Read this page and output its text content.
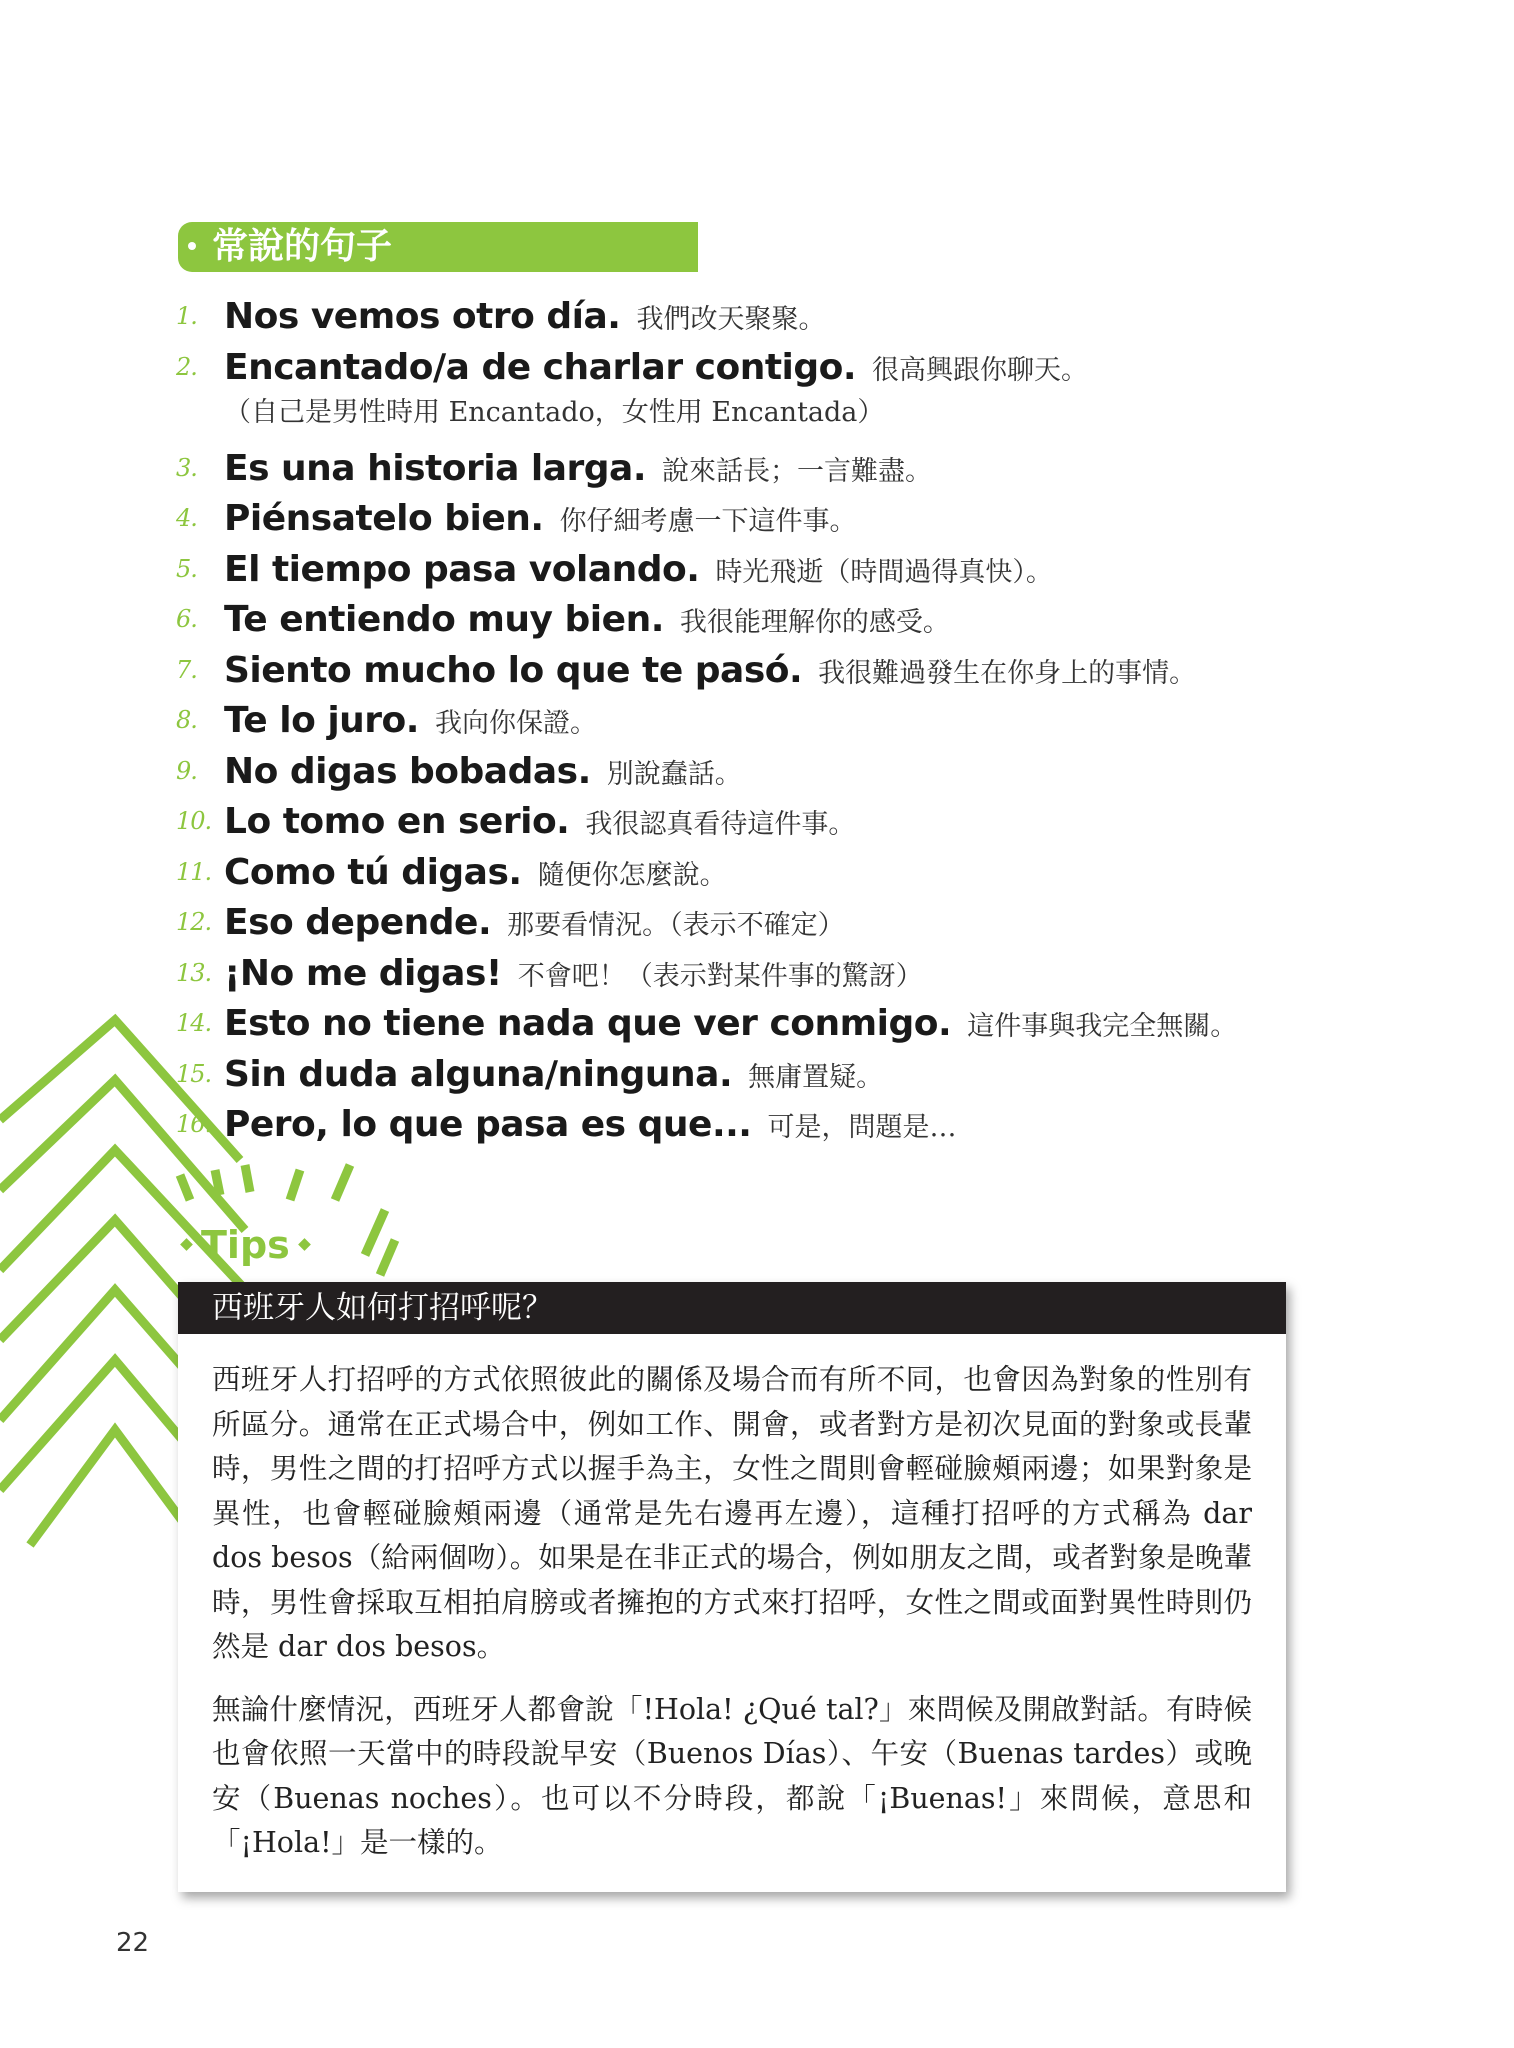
常說的句子
1. Nos vemos otro día. 我們改天聚聚。
2. Encantado/a de charlar contigo. 很高興跟你聊天。
（自己是男性時用 Encantado，女性用 Encantada）
3. Es una historia larga. 說來話長；一言難盡。
4. Piénsatelo bien. 你仔細考慮一下這件事。
5. El tiempo pasa volando. 時光飛逝（時間過得真快）。
6. Te entiendo muy bien. 我很能理解你的感受。
7. Siento mucho lo que te pasó. 我很難過發生在你身上的事情。
8. Te lo juro. 我向你保證。
9. No digas bobadas. 別說蠢話。
10. Lo tomo en serio. 我很認真看待這件事。
11. Como tú digas. 隨便你怎麼說。
12. Eso depende. 那要看情況。（表示不確定）
13. ¡No me digas! 不會吧！（表示對某件事的驚訝）
14. Esto no tiene nada que ver conmigo. 這件事與我完全無關。
15. Sin duda alguna/ninguna. 無庸置疑。
16. Pero, lo que pasa es que... 可是，問題是…
Tips
西班牙人如何打招呼呢？

西班牙人打招呼的方式依照彼此的關係及場合而有所不同，也會因為對象的性別有所區分。通常在正式場合中，例如工作、開會，或者對方是初次見面的對象或長輩時，男性之間的打招呼方式以握手為主，女性之間則會輕碰臉頰兩邊；如果對象是異性，也會輕碰臉頰兩邊（通常是先右邊再左邊），這種打招呼的方式稱為 dar dos besos（給兩個吻）。如果是在非正式的場合，例如朋友之間，或者對象是晚輩時，男性會採取互相拍肩膀或者擁抱的方式來打招呼，女性之間或面對異性時則仍然是 dar dos besos。

無論什麼情況，西班牙人都會說「!Hola! ¿Qué tal?」來問候及開啟對話。有時候也會依照一天當中的時段說早安（Buenos Días）、午安（Buenas tardes）或晚安（Buenas noches）。也可以不分時段，都說「¡Buenas!」來問候，意思和「¡Hola!」是一樣的。

22
